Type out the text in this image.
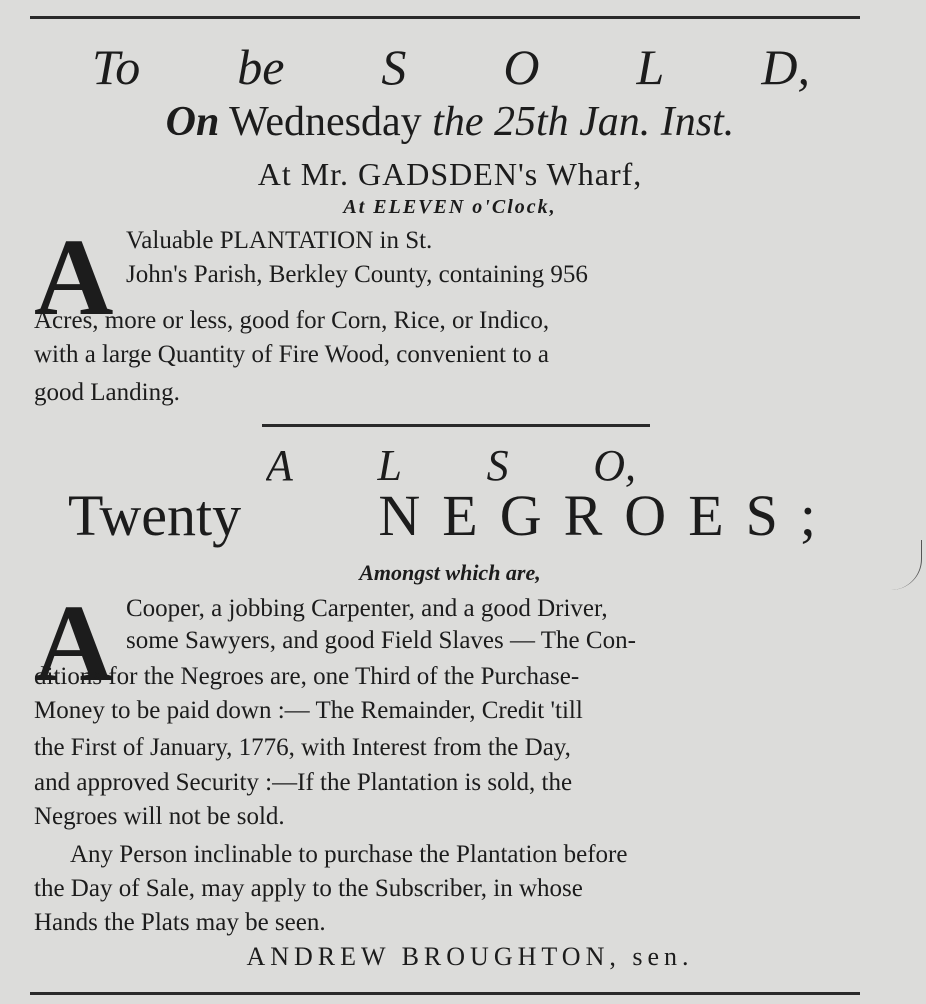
To be S O L D,
On Wednesday the 25th Jan. Inst.
At Mr. GADSDEN's Wharf,
At ELEVEN o'Clock,
A Valuable PLANTATION in St.
John's Parish, Berkley County, containing 956
Acres, more or less, good for Corn, Rice, or Indico,
with a large Quantity of Fire Wood, convenient to a
good Landing.
A L S O,
Twenty NEGROES;
Amongst which are,
A Cooper, a jobbing Carpenter, and a good Driver,
some Sawyers, and good Field Slaves — The Con-
ditions for the Negroes are, one Third of the Purchase-
Money to be paid down :— The Remainder, Credit 'till
the First of January, 1776, with Interest from the Day,
and approved Security :—If the Plantation is sold, the
Negroes will not be sold.
Any Person inclinable to purchase the Plantation before
the Day of Sale, may apply to the Subscriber, in whose
Hands the Plats may be seen.
ANDREW BROUGHTON, sen.
